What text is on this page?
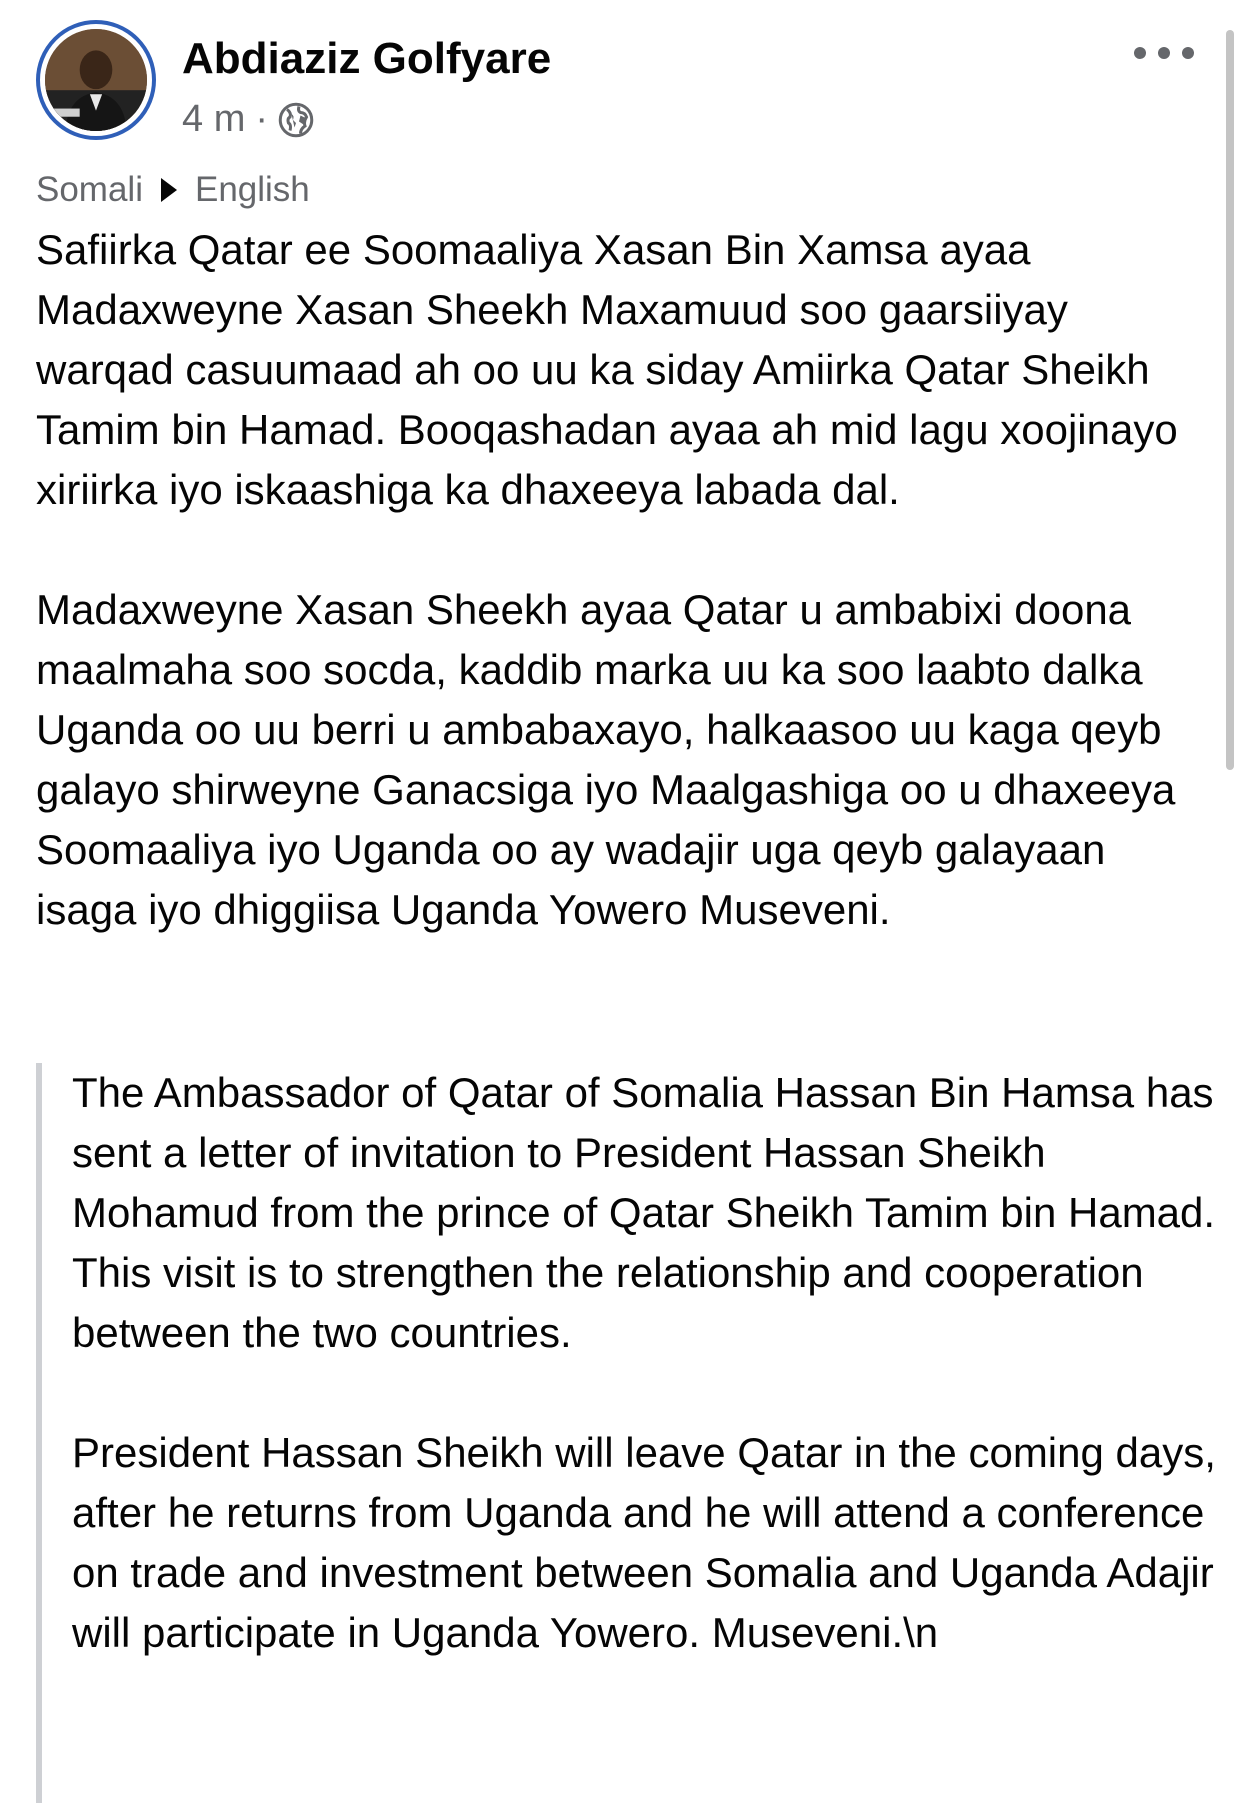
Abdiaziz Golfyare
4 m ·
Somali English

Safiirka Qatar ee Soomaaliya Xasan Bin Xamsa ayaa Madaxweyne Xasan Sheekh Maxamuud soo gaarsiiyay warqad casuumaad ah oo uu ka siday Amiirka Qatar Sheikh Tamim bin Hamad. Booqashadan ayaa ah mid lagu xoojinayo xiriirka iyo iskaashiga ka dhaxeeya labada dal.

Madaxweyne Xasan Sheekh ayaa Qatar u ambabixi doona maalmaha soo socda, kaddib marka uu ka soo laabto dalka Uganda oo uu berri u ambabaxayo, halkaasoo uu kaga qeyb galayo shirweyne Ganacsiga iyo Maalgashiga oo u dhaxeeya Soomaaliya iyo Uganda oo ay wadajir uga qeyb galayaan isaga iyo dhiggiisa Uganda Yowero Museveni.

The Ambassador of Qatar of Somalia Hassan Bin Hamsa has sent a letter of invitation to President Hassan Sheikh Mohamud from the prince of Qatar Sheikh Tamim bin Hamad. This visit is to strengthen the relationship and cooperation between the two countries.

President Hassan Sheikh will leave Qatar in the coming days, after he returns from Uganda and he will attend a conference on trade and investment between Somalia and Uganda Adajir will participate in Uganda Yowero. Museveni.\n
